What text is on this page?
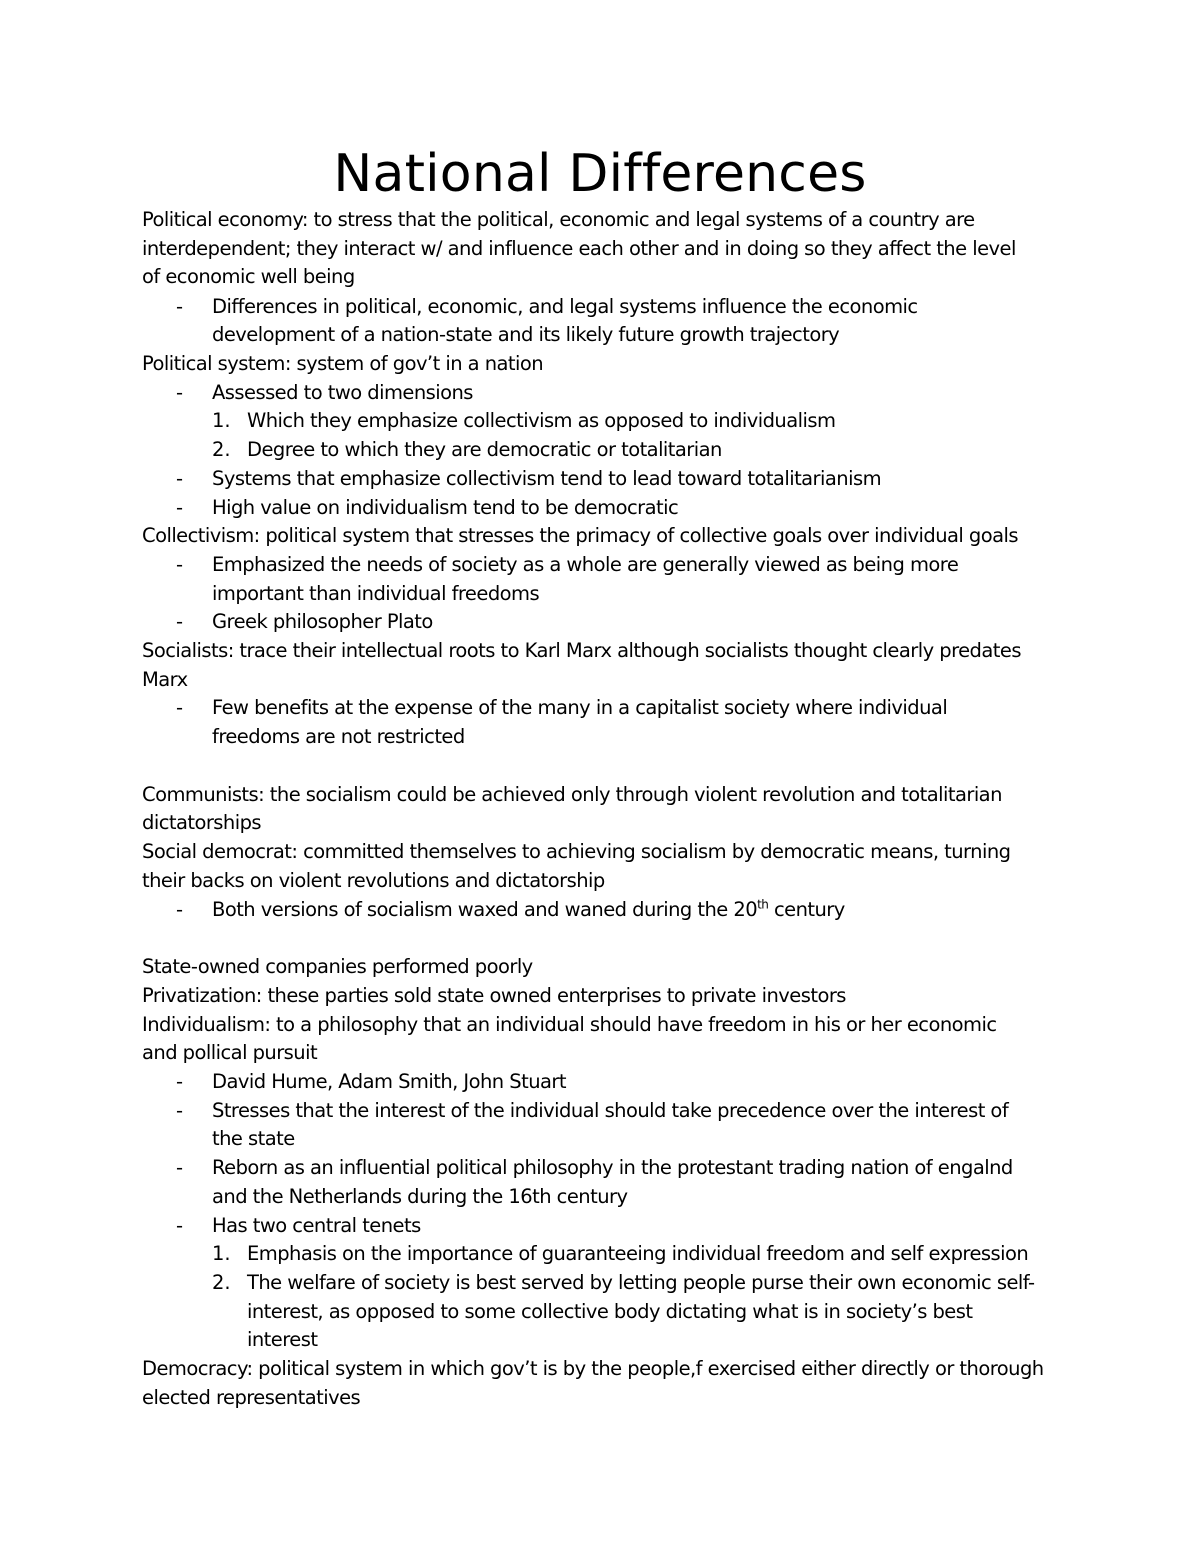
National Differences
Political economy: to stress that the political, economic and legal systems of a country are
interdependent; they interact w/ and influence each other and in doing so they affect the level
of economic well being
- Differences in political, economic, and legal systems influence the economic
development of a nation-state and its likely future growth trajectory
Political system: system of gov’t in a nation
- Assessed to two dimensions
1. Which they emphasize collectivism as opposed to individualism
2. Degree to which they are democratic or totalitarian
- Systems that emphasize collectivism tend to lead toward totalitarianism
- High value on individualism tend to be democratic
Collectivism: political system that stresses the primacy of collective goals over individual goals
- Emphasized the needs of society as a whole are generally viewed as being more
important than individual freedoms
- Greek philosopher Plato
Socialists: trace their intellectual roots to Karl Marx although socialists thought clearly predates
Marx
- Few benefits at the expense of the many in a capitalist society where individual
freedoms are not restricted
Communists: the socialism could be achieved only through violent revolution and totalitarian
dictatorships
Social democrat: committed themselves to achieving socialism by democratic means, turning
their backs on violent revolutions and dictatorship
- Both versions of socialism waxed and waned during the 20th century
State-owned companies performed poorly
Privatization: these parties sold state owned enterprises to private investors
Individualism: to a philosophy that an individual should have freedom in his or her economic
and pollical pursuit
- David Hume, Adam Smith, John Stuart
- Stresses that the interest of the individual should take precedence over the interest of
the state
- Reborn as an influential political philosophy in the protestant trading nation of engalnd
and the Netherlands during the 16th century
- Has two central tenets
1. Emphasis on the importance of guaranteeing individual freedom and self expression
2. The welfare of society is best served by letting people purse their own economic self-
interest, as opposed to some collective body dictating what is in society’s best
interest
Democracy: political system in which gov’t is by the people,f exercised either directly or thorough
elected representatives
